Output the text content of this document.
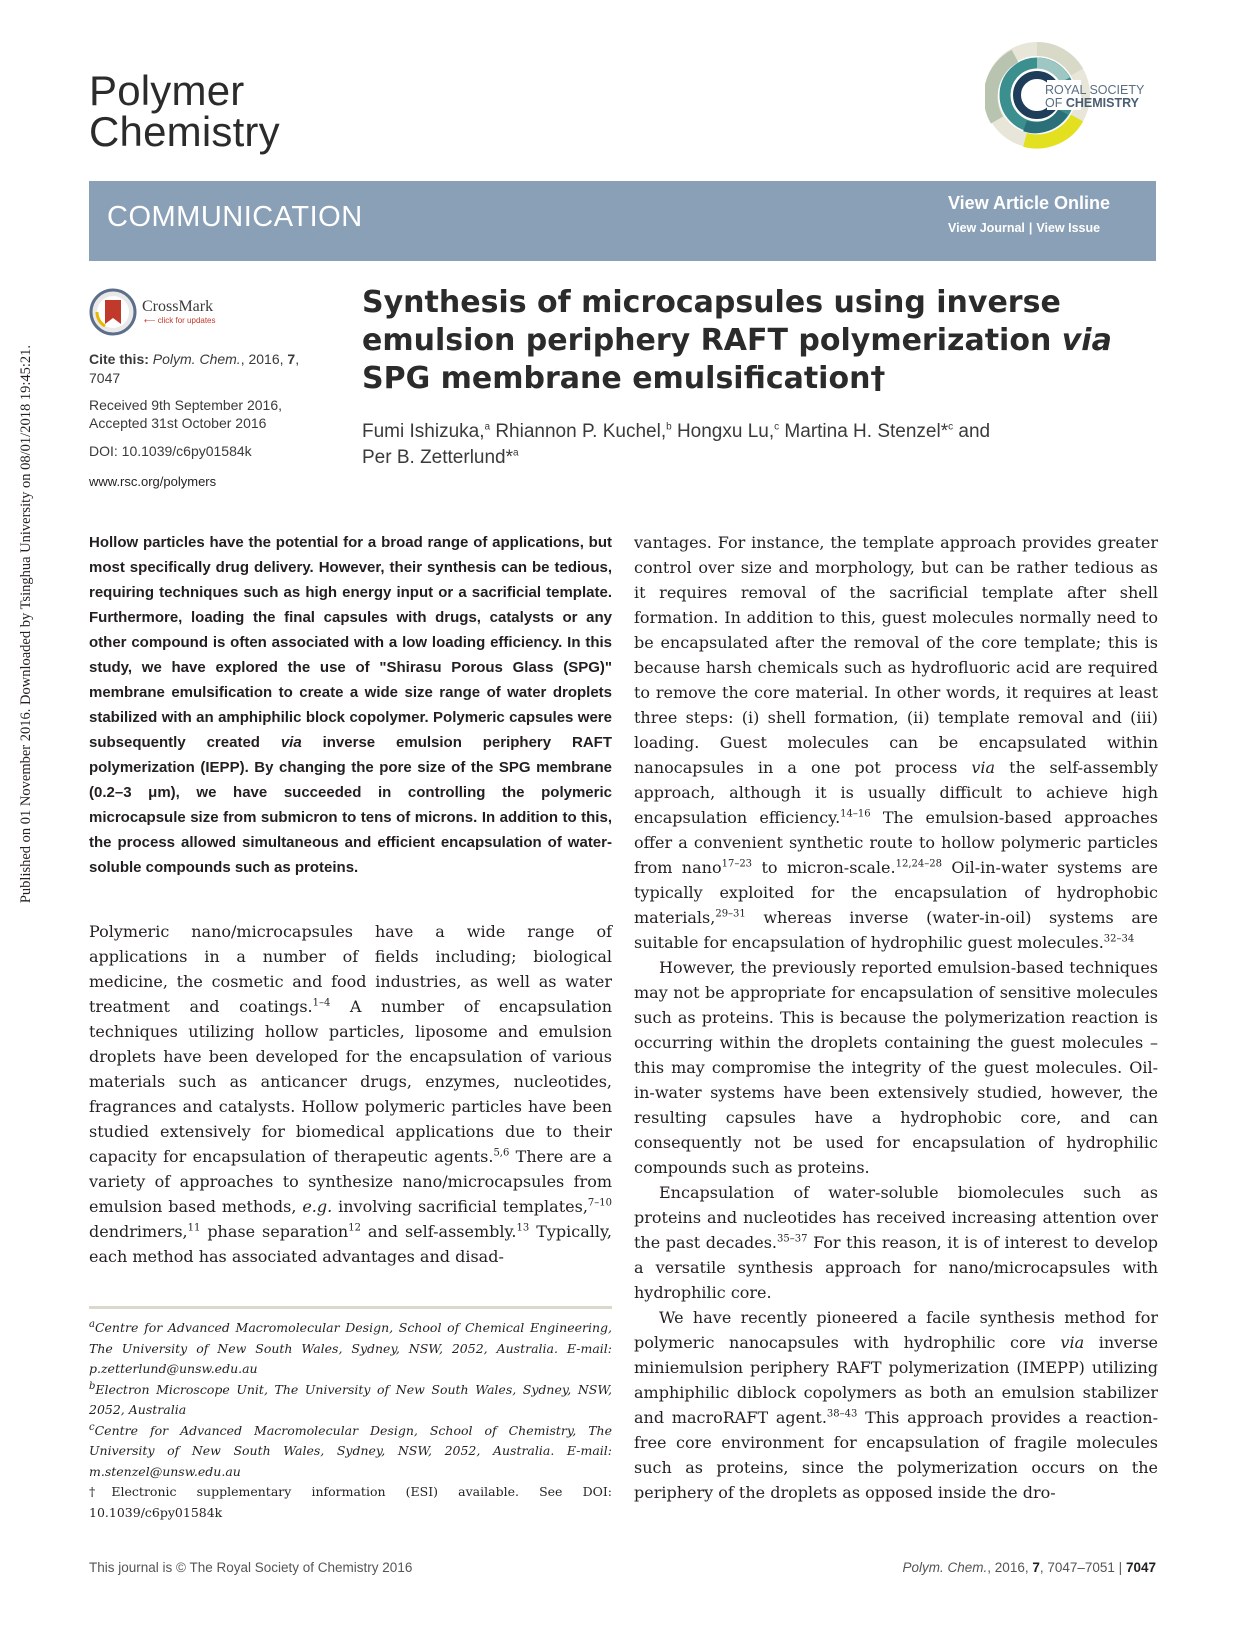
Published on 01 November 2016. Downloaded by Tsinghua University on 08/01/2018 19:45:21.
Polymer
Chemistry
ROYAL SOCIETY
OF CHEMISTRY
COMMUNICATION	View Article Online
View Journal | View Issue
CrossMark
⟵ click for updates
Cite this: Polym. Chem., 2016, 7, 7047
Received 9th September 2016,
Accepted 31st October 2016
DOI: 10.1039/c6py01584k
www.rsc.org/polymers
Synthesis of microcapsules using inverse emulsion periphery RAFT polymerization via SPG membrane emulsification†
Fumi Ishizuka,$^a$ Rhiannon P. Kuchel,$^b$ Hongxu Lu,$^c$ Martina H. Stenzel*$^c$ and
Per B. Zetterlund*$^a$
Hollow particles have the potential for a broad range of applications, but most specifically drug delivery. However, their synthesis can be tedious, requiring techniques such as high energy input or a sacrificial template. Furthermore, loading the final capsules with drugs, catalysts or any other compound is often associated with a low loading efficiency. In this study, we have explored the use of "Shirasu Porous Glass (SPG)" membrane emulsification to create a wide size range of water droplets stabilized with an amphiphilic block copolymer. Polymeric capsules were subsequently created via inverse emulsion periphery RAFT polymerization (IEPP). By changing the pore size of the SPG membrane (0.2–3 μm), we have succeeded in controlling the polymeric microcapsule size from submicron to tens of microns. In addition to this, the process allowed simultaneous and efficient encapsulation of water-soluble compounds such as proteins.

Polymeric nano/microcapsules have a wide range of applications in a number of fields including; biological medicine, the cosmetic and food industries, as well as water treatment and coatings.$^{1-4}$ A number of encapsulation techniques utilizing hollow particles, liposome and emulsion droplets have been developed for the encapsulation of various materials such as anticancer drugs, enzymes, nucleotides, fragrances and catalysts. Hollow polymeric particles have been studied extensively for biomedical applications due to their capacity for encapsulation of therapeutic agents.$^{5,6}$ There are a variety of approaches to synthesize nano/microcapsules from emulsion based methods, e.g. involving sacrificial templates,$^{7-10}$ dendrimers,$^{11}$ phase separation$^{12}$ and self-assembly.$^{13}$ Typically, each method has associated advantages and disad-

vantages. For instance, the template approach provides greater control over size and morphology, but can be rather tedious as it requires removal of the sacrificial template after shell formation. In addition to this, guest molecules normally need to be encapsulated after the removal of the core template; this is because harsh chemicals such as hydrofluoric acid are required to remove the core material. In other words, it requires at least three steps: (i) shell formation, (ii) template removal and (iii) loading. Guest molecules can be encapsulated within nanocapsules in a one pot process via the self-assembly approach, although it is usually difficult to achieve high encapsulation efficiency.$^{14-16}$ The emulsion-based approaches offer a convenient synthetic route to hollow polymeric particles from nano$^{17-23}$ to micron-scale.$^{12,24-28}$ Oil-in-water systems are typically exploited for the encapsulation of hydrophobic materials,$^{29-31}$ whereas inverse (water-in-oil) systems are suitable for encapsulation of hydrophilic guest molecules.$^{32-34}$

However, the previously reported emulsion-based techniques may not be appropriate for encapsulation of sensitive molecules such as proteins. This is because the polymerization reaction is occurring within the droplets containing the guest molecules – this may compromise the integrity of the guest molecules. Oil-in-water systems have been extensively studied, however, the resulting capsules have a hydrophobic core, and can consequently not be used for encapsulation of hydrophilic compounds such as proteins.

Encapsulation of water-soluble biomolecules such as proteins and nucleotides has received increasing attention over the past decades.$^{35-37}$ For this reason, it is of interest to develop a versatile synthesis approach for nano/microcapsules with hydrophilic core.

We have recently pioneered a facile synthesis method for polymeric nanocapsules with hydrophilic core via inverse miniemulsion periphery RAFT polymerization (IMEPP) utilizing amphiphilic diblock copolymers as both an emulsion stabilizer and macroRAFT agent.$^{38-43}$ This approach provides a reaction-free core environment for encapsulation of fragile molecules such as proteins, since the polymerization occurs on the periphery of the droplets as opposed inside the dro-

$^a$Centre for Advanced Macromolecular Design, School of Chemical Engineering, The University of New South Wales, Sydney, NSW, 2052, Australia. E-mail: p.zetterlund@unsw.edu.au
$^b$Electron Microscope Unit, The University of New South Wales, Sydney, NSW, 2052, Australia
$^c$Centre for Advanced Macromolecular Design, School of Chemistry, The University of New South Wales, Sydney, NSW, 2052, Australia. E-mail: m.stenzel@unsw.edu.au
†Electronic supplementary information (ESI) available. See DOI: 10.1039/c6py01584k
This journal is © The Royal Society of Chemistry 2016	Polym. Chem., 2016, 7, 7047–7051 | 7047
